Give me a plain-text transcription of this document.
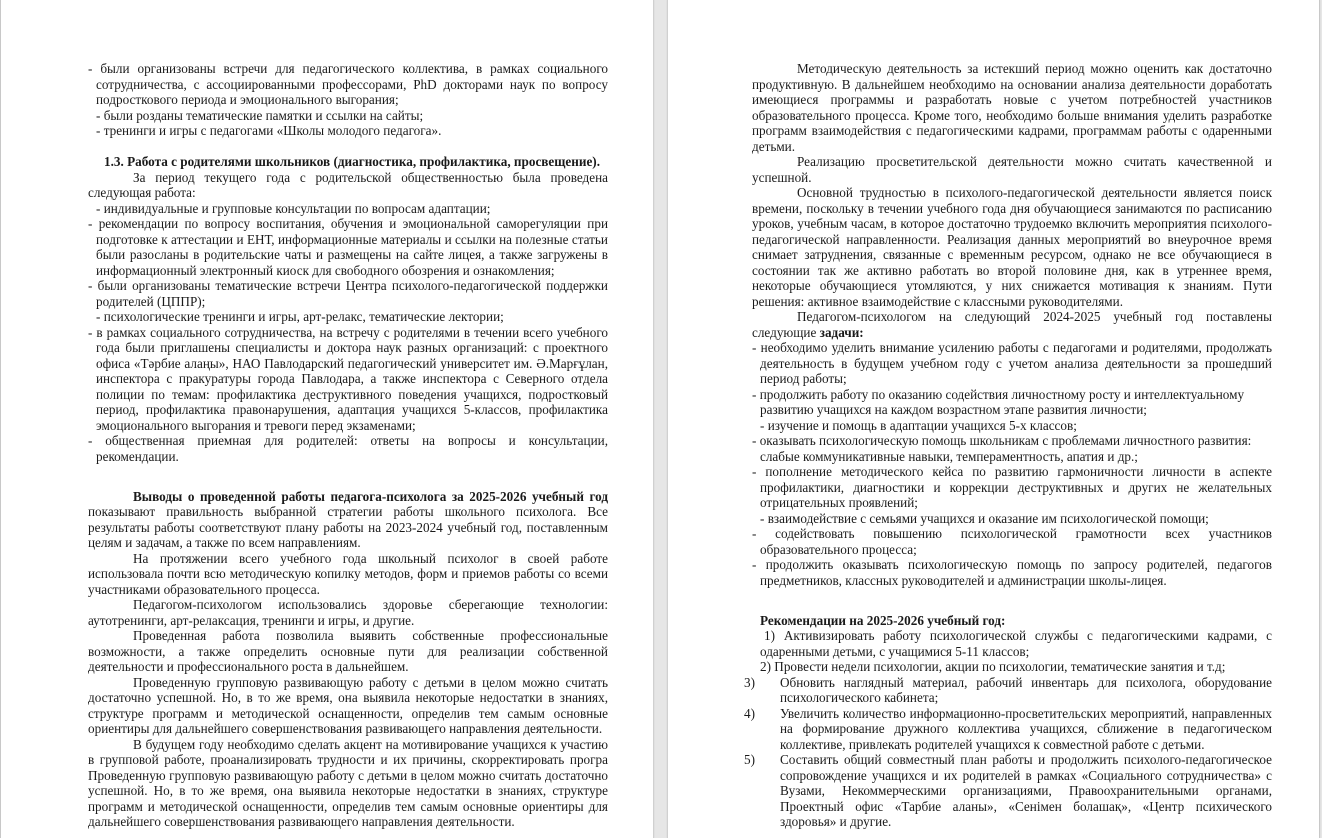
- были организованы встречи для педагогического коллектива, в рамках социального сотрудничества, с ассоциированными профессорами, PhD докторами наук по вопросу подросткового периода и эмоционального выгорания;

- были розданы тематические памятки и ссылки на сайты;

- тренинги и игры с педагогами «Школы молодого педагога».

1.3. Работа с родителями школьников (диагностика, профилактика, просвещение).

За период текущего года с родительской общественностью была проведена следующая работа:

- индивидуальные и групповые консультации по вопросам адаптации;

- рекомендации по вопросу воспитания, обучения и эмоциональной саморегуляции при подготовке к аттестации и ЕНТ, информационные материалы и ссылки на полезные статьи были разосланы в родительские чаты и размещены на сайте лицея, а также загружены в информационный электронный киоск для свободного обозрения и ознакомления;

- были организованы тематические встречи Центра психолого-педагогической поддержки родителей (ЦППР);

- психологические тренинги и игры, арт-релакс, тематические лектории;

- в рамках социального сотрудничества, на встречу с родителями в течении всего учебного года были приглашены специалисты и доктора наук разных организаций: с проектного офиса «Тәрбие алаңы», НАО Павлодарский педагогический университет им. Ә.Марғұлан, инспектора с пракуратуры города Павлодара, а также инспектора с Северного отдела полиции по темам: профилактика деструктивного поведения учащихся, подростковый период, профилактика правонарушения, адаптация учащихся 5-классов, профилактика эмоционального выгорания и тревоги перед экзаменами;

- общественная приемная для родителей: ответы на вопросы и консультации, рекомендации.

Выводы о проведенной работы педагога-психолога за 2025-2026 учебный год показывают правильность выбранной стратегии работы школьного психолога. Все результаты работы соответствуют плану работы на 2023-2024 учебный год, поставленным целям и задачам, а также по всем направлениям.

На протяжении всего учебного года школьный психолог в своей работе использовала почти всю методическую копилку методов, форм и приемов работы со всеми участниками образовательного процесса.

Педагогом-психологом использовались здоровье сберегающие технологии: аутотренинги, арт-релаксация, тренинги и игры, и другие.

Проведенная работа позволила выявить собственные профессиональные возможности, а также определить основные пути для реализации собственной деятельности и профессионального роста в дальнейшем.

Проведенную групповую развивающую работу с детьми в целом можно считать достаточно успешной. Но, в то же время, она выявила некоторые недостатки в знаниях, структуре программ и методической оснащенности, определив тем самым основные ориентиры для дальнейшего совершенствования развивающего направления деятельности.

В будущем году необходимо сделать акцент на мотивирование учащихся к участию в групповой работе, проанализировать трудности и их причины, скорректировать програ Проведенную групповую развивающую работу с детьми в целом можно считать достаточно успешной. Но, в то же время, она выявила некоторые недостатки в знаниях, структуре программ и методической оснащенности, определив тем самым основные ориентиры для дальнейшего совершенствования развивающего направления деятельности.

Методическую деятельность за истекший период можно оценить как достаточно продуктивную. В дальнейшем необходимо на основании анализа деятельности доработать имеющиеся программы и разработать новые с учетом потребностей участников образовательного процесса. Кроме того, необходимо больше внимания уделить разработке программ взаимодействия с педагогическими кадрами, программам работы с одаренными детьми.

Реализацию просветительской деятельности можно считать качественной и успешной.

Основной трудностью в психолого-педагогической деятельности является поиск времени, поскольку в течении учебного года дня обучающиеся занимаются по расписанию уроков, учебным часам, в которое достаточно трудоемко включить мероприятия психолого-педагогической направленности. Реализация данных мероприятий во внеурочное время снимает затруднения, связанные с временным ресурсом, однако не все обучающиеся в состоянии так же активно работать во второй половине дня, как в утреннее время, некоторые обучающиеся утомляются, у них снижается мотивация к знаниям. Пути решения: активное взаимодействие с классными руководителями.

Педагогом-психологом на следующий 2024-2025 учебный год поставлены следующие задачи:

- необходимо уделить внимание усилению работы с педагогами и родителями, продолжать деятельность в будущем учебном году с учетом анализа деятельности за прошедший период работы;

- продолжить работу по оказанию содействия личностному росту и интеллектуальному развитию учащихся на каждом возрастном этапе развития личности;

- изучение и помощь в адаптации учащихся 5-х классов;

- оказывать психологическую помощь школьникам с проблемами личностного развития: слабые коммуникативные навыки, темпераментность, апатия и др.;

- пополнение методического кейса по развитию гармоничности личности в аспекте профилактики, диагностики и коррекции деструктивных и других не желательных отрицательных проявлений;

- взаимодействие с семьями учащихся и оказание им психологической помощи;

- содействовать повышению психологической грамотности всех участников образовательного процесса;

- продолжить оказывать психологическую помощь по запросу родителей, педагогов предметников, классных руководителей и администрации школы-лицея.

Рекомендации на 2025-2026 учебный год:

1) Активизировать работу психологической службы с педагогическими кадрами, с одаренными детьми, с учащимися 5-11 классов;

2) Провести недели психологии, акции по психологии, тематические занятия и т.д;

3) Обновить наглядный материал, рабочий инвентарь для психолога, оборудование психологического кабинета;

4) Увеличить количество информационно-просветительских мероприятий, направленных на формирование дружного коллектива учащихся, сближение в педагогическом коллективе, привлекать родителей учащихся к совместной работе с детьми.

5) Составить общий совместный план работы и продолжить психолого-педагогическое сопровождение учащихся и их родителей в рамках «Социального сотрудничества» с Вузами, Некоммерческими организациями, Правоохранительными органами, Проектный офис «Тарбие аланы», «Сенімен болашақ», «Центр психического здоровья» и другие.
